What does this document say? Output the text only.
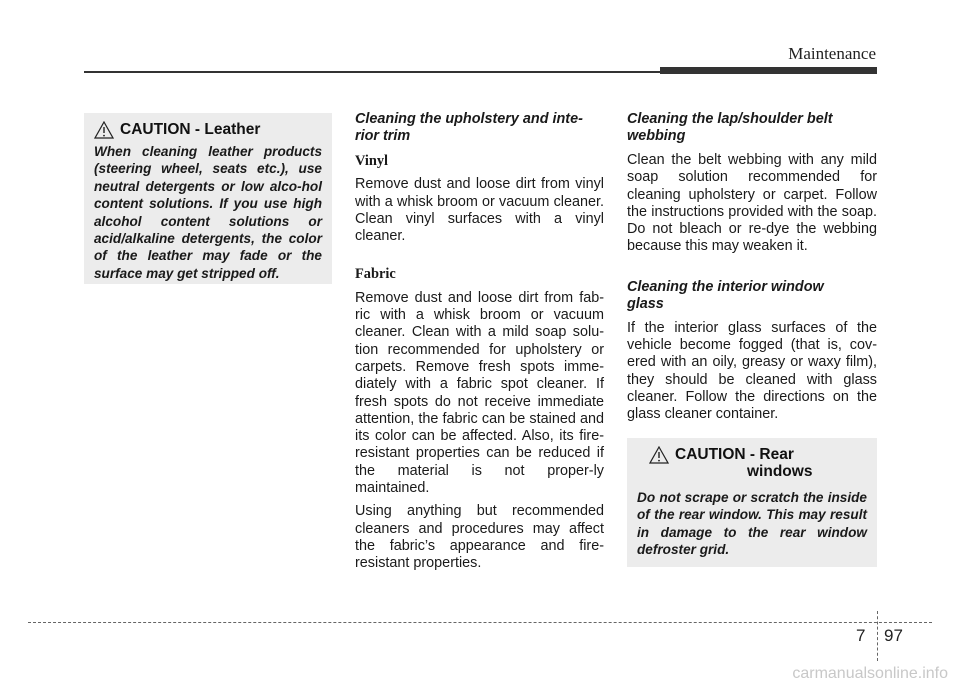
Maintenance
CAUTION - Leather
When cleaning leather products (steering wheel, seats etc.), use neutral detergents or low alco-hol content solutions. If you use high alcohol content solutions or acid/alkaline detergents, the color of the leather may fade or the surface may get stripped off.
Cleaning the upholstery and inte-
rior trim
Vinyl

Remove dust and loose dirt from vinyl with a whisk broom or vacuum cleaner. Clean vinyl surfaces with a vinyl cleaner.

Fabric

Remove dust and loose dirt from fab-ric with a whisk broom or vacuum cleaner. Clean with a mild soap solu-tion recommended for upholstery or carpets. Remove fresh spots imme-diately with a fabric spot cleaner. If fresh spots do not receive immediate attention, the fabric can be stained and its color can be affected. Also, its fire-resistant properties can be reduced if the material is not proper-ly maintained.

Using anything but recommended cleaners and procedures may affect the fabric’s appearance and fire-resistant properties.

Cleaning the lap/shoulder belt
webbing

Clean the belt webbing with any mild soap solution recommended for cleaning upholstery or carpet. Follow the instructions provided with the soap. Do not bleach or re-dye the webbing because this may weaken it.

Cleaning the interior window
glass

If the interior glass surfaces of the vehicle become fogged (that is, cov-ered with an oily, greasy or waxy film), they should be cleaned with glass cleaner. Follow the directions on the glass cleaner container.

CAUTION - Rear
windows
Do not scrape or scratch the inside of the rear window. This may result in damage to the rear window defroster grid.
7 97
carmanualsonline.info
